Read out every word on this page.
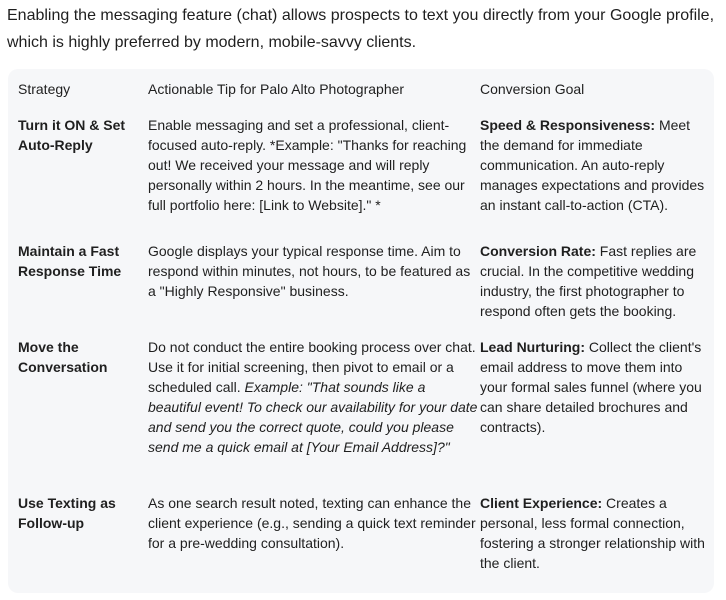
Enabling the messaging feature (chat) allows prospects to text you directly from your Google profile, which is highly preferred by modern, mobile-savvy clients.

Strategy	Actionable Tip for Palo Alto Photographer	Conversion Goal
Turn it ON & Set Auto-Reply	Enable messaging and set a professional, client-focused auto-reply. *Example: "Thanks for reaching out! We received your message and will reply personally within 2 hours. In the meantime, see our full portfolio here: [Link to Website]." *	Speed & Responsiveness: Meet the demand for immediate communication. An auto-reply manages expectations and provides an instant call-to-action (CTA).
Maintain a Fast Response Time	Google displays your typical response time. Aim to respond within minutes, not hours, to be featured as a "Highly Responsive" business.	Conversion Rate: Fast replies are crucial. In the competitive wedding industry, the first photographer to respond often gets the booking.
Move the Conversation	Do not conduct the entire booking process over chat. Use it for initial screening, then pivot to email or a scheduled call. Example: "That sounds like a beautiful event! To check our availability for your date and send you the correct quote, could you please send me a quick email at [Your Email Address]?"	Lead Nurturing: Collect the client's email address to move them into your formal sales funnel (where you can share detailed brochures and contracts).
Use Texting as Follow-up	As one search result noted, texting can enhance the client experience (e.g., sending a quick text reminder for a pre-wedding consultation).	Client Experience: Creates a personal, less formal connection, fostering a stronger relationship with the client.
